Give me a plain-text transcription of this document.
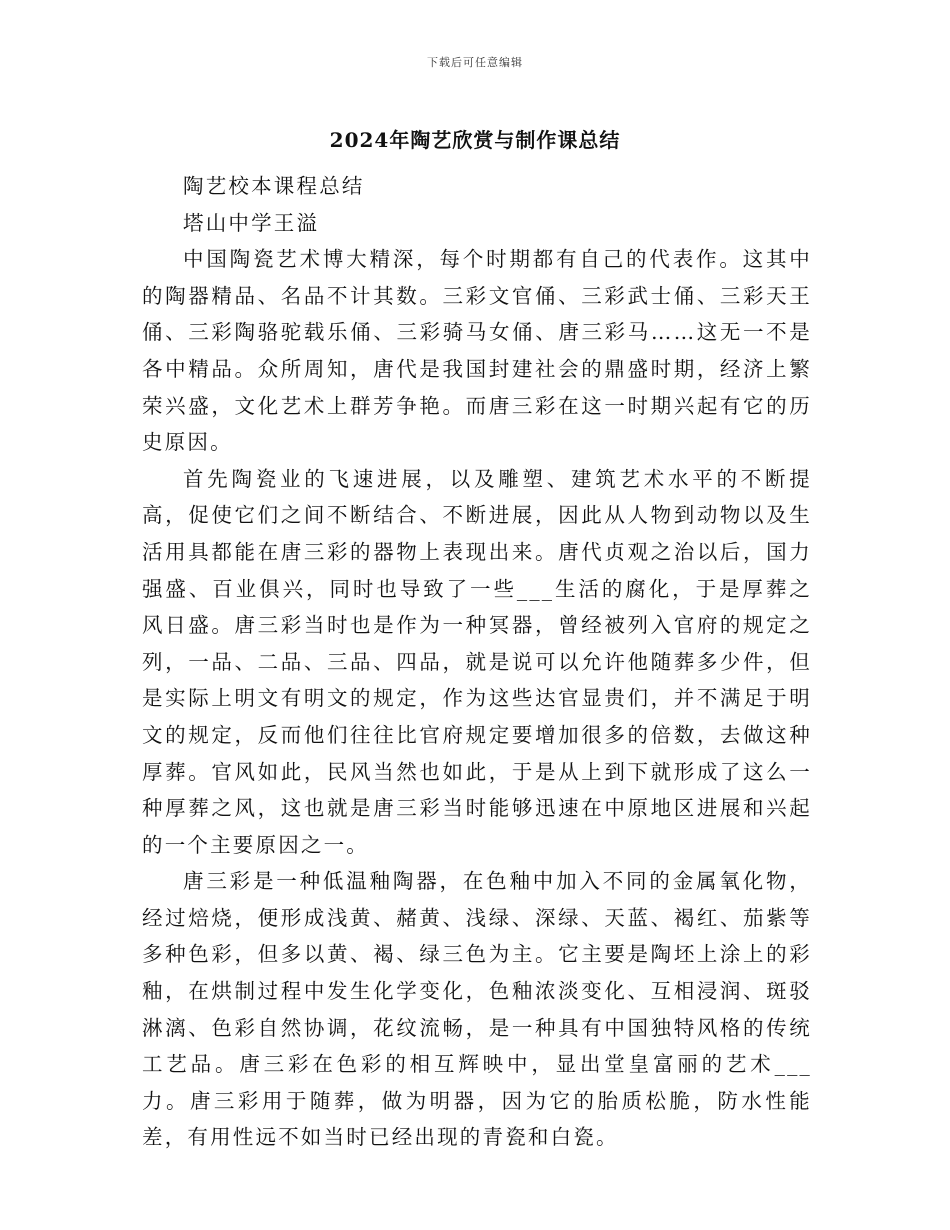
下载后可任意编辑
2024年陶艺欣赏与制作课总结

陶艺校本课程总结

塔山中学王溢

中国陶瓷艺术博大精深，每个时期都有自己的代表作。这其中的陶器精品、名品不计其数。三彩文官俑、三彩武士俑、三彩天王俑、三彩陶骆驼载乐俑、三彩骑马女俑、唐三彩马……这无一不是各中精品。众所周知，唐代是我国封建社会的鼎盛时期，经济上繁荣兴盛，文化艺术上群芳争艳。而唐三彩在这一时期兴起有它的历史原因。

首先陶瓷业的飞速进展，以及雕塑、建筑艺术水平的不断提高，促使它们之间不断结合、不断进展，因此从人物到动物以及生活用具都能在唐三彩的器物上表现出来。唐代贞观之治以后，国力强盛、百业俱兴，同时也导致了一些___生活的腐化，于是厚葬之风日盛。唐三彩当时也是作为一种冥器，曾经被列入官府的规定之列，一品、二品、三品、四品，就是说可以允许他随葬多少件，但是实际上明文有明文的规定，作为这些达官显贵们，并不满足于明文的规定，反而他们往往比官府规定要增加很多的倍数，去做这种厚葬。官风如此，民风当然也如此，于是从上到下就形成了这么一种厚葬之风，这也就是唐三彩当时能够迅速在中原地区进展和兴起的一个主要原因之一。

唐三彩是一种低温釉陶器，在色釉中加入不同的金属氧化物，经过焙烧，便形成浅黄、赭黄、浅绿、深绿、天蓝、褐红、茄紫等多种色彩，但多以黄、褐、绿三色为主。它主要是陶坯上涂上的彩釉，在烘制过程中发生化学变化，色釉浓淡变化、互相浸润、斑驳淋漓、色彩自然协调，花纹流畅，是一种具有中国独特风格的传统工艺品。唐三彩在色彩的相互辉映中，显出堂皇富丽的艺术___力。唐三彩用于随葬，做为明器，因为它的胎质松脆，防水性能差，有用性远不如当时已经出现的青瓷和白瓷。
